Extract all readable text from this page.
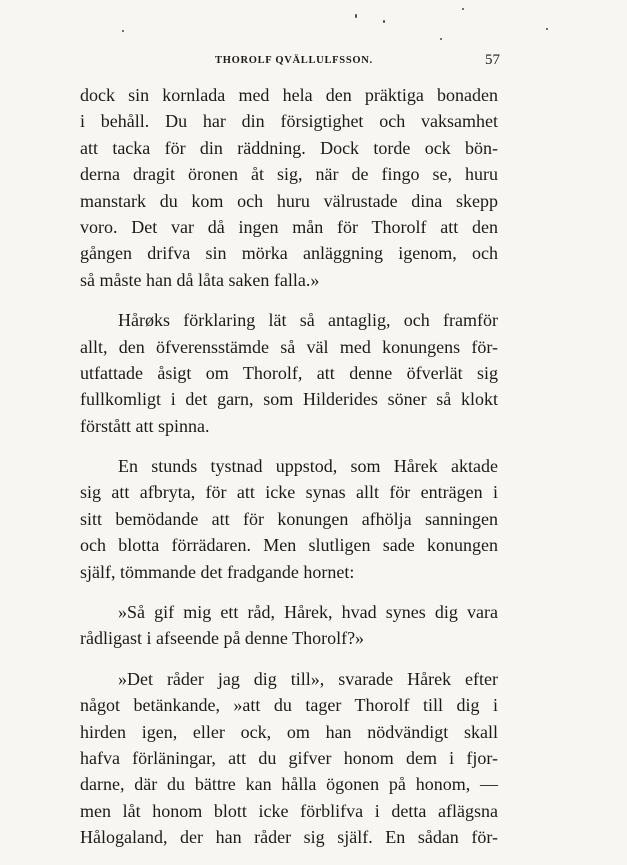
THOROLF QVÄLLULFSSON.	57

dock sin kornlada med hela den präktiga bonaden
i behåll. Du har din försigtighet och vaksamhet
att tacka för din räddning. Dock torde ock bön-
derna dragit öronen åt sig, när de fingo se, huru
manstark du kom och huru välrustade dina skepp
voro. Det var då ingen mån för Thorolf att den
gången drifva sin mörka anläggning igenom, och
så måste han då låta saken falla.»

Hårøks förklaring lät så antaglig, och framför
allt, den öfverensstämde så väl med konungens för-
utfattade åsigt om Thorolf, att denne öfverlät sig
fullkomligt i det garn, som Hilderides söner så klokt
förstått att spinna.

En stunds tystnad uppstod, som Hårek aktade
sig att afbryta, för att icke synas allt för enträgen i
sitt bemödande att för konungen afhölja sanningen
och blotta förrädaren. Men slutligen sade konungen
själf, tömmande det fradgande hornet:

»Så gif mig ett råd, Hårek, hvad synes dig vara
rådligast i afseende på denne Thorolf?»

»Det råder jag dig till», svarade Hårek efter
något betänkande, »att du tager Thorolf till dig i
hirden igen, eller ock, om han nödvändigt skall
hafva förläningar, att du gifver honom dem i fjor-
darne, där du bättre kan hålla ögonen på honom, —
men låt honom blott icke förblifva i detta aflägsna
Hålogaland, der han råder sig själf. En sådan för-
